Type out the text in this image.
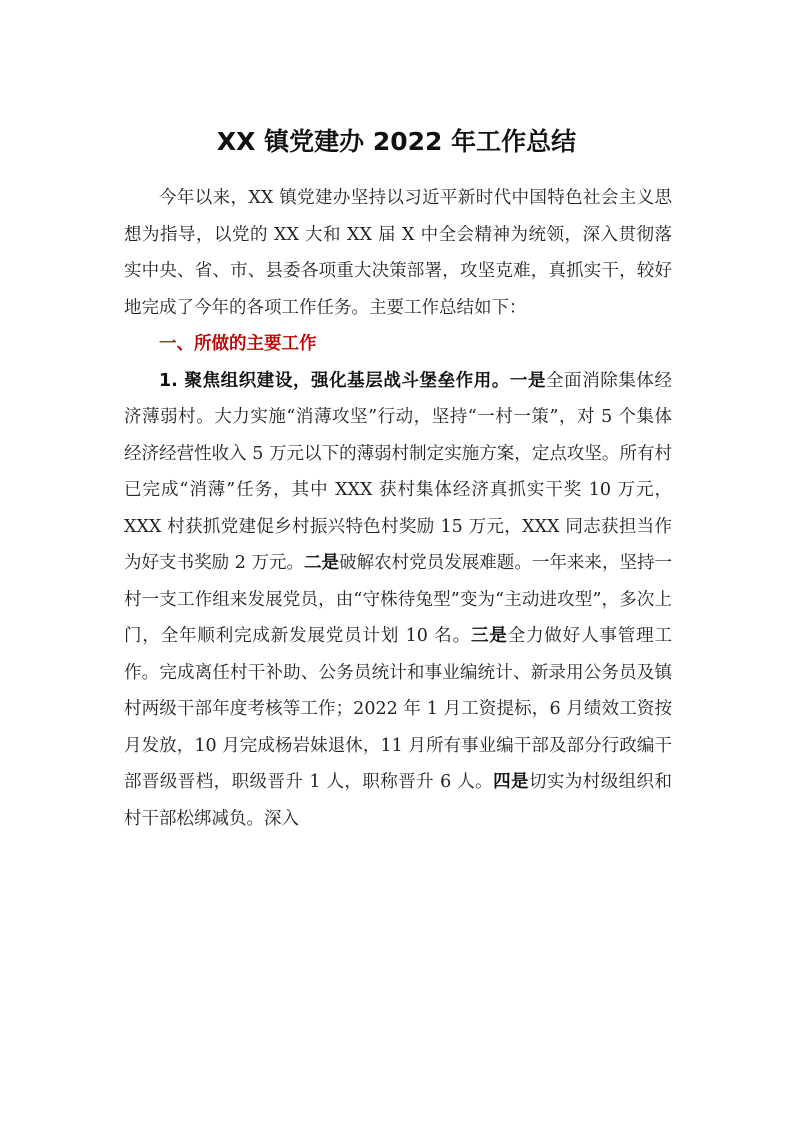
XX 镇党建办 2022 年工作总结

今年以来，XX 镇党建办坚持以习近平新时代中国特色社会主义思想为指导，以党的 XX 大和 XX 届 X 中全会精神为统领，深入贯彻落实中央、省、市、县委各项重大决策部署，攻坚克难，真抓实干，较好地完成了今年的各项工作任务。主要工作总结如下：

一、所做的主要工作

1. 聚焦组织建设，强化基层战斗堡垒作用。一是全面消除集体经济薄弱村。大力实施“消薄攻坚”行动，坚持“一村一策”，对 5 个集体经济经营性收入 5 万元以下的薄弱村制定实施方案，定点攻坚。所有村已完成“消薄”任务，其中 XXX 获村集体经济真抓实干奖 10 万元，XXX 村获抓党建促乡村振兴特色村奖励 15 万元，XXX 同志获担当作为好支书奖励 2 万元。二是破解农村党员发展难题。一年来来，坚持一村一支工作组来发展党员，由“守株待兔型”变为“主动进攻型”，多次上门，全年顺利完成新发展党员计划 10 名。三是全力做好人事管理工作。完成离任村干补助、公务员统计和事业编统计、新录用公务员及镇村两级干部年度考核等工作；2022 年 1 月工资提标，6 月绩效工资按月发放，10 月完成杨岩妹退休，11 月所有事业编干部及部分行政编干部晋级晋档，职级晋升 1 人，职称晋升 6 人。四是切实为村级组织和村干部松绑减负。深入
